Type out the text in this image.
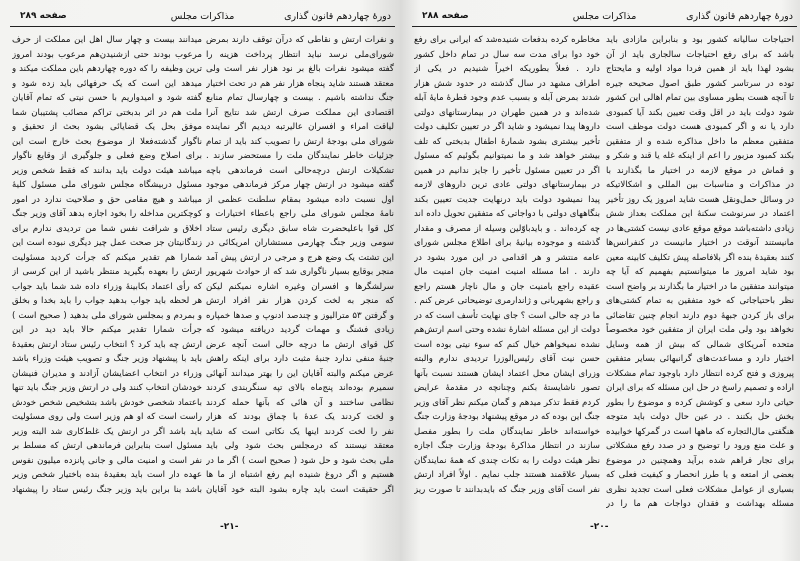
دورهٔ چهاردهم قانون گذاری
مذاکرات مجلس
صفحه ۲۸۹
و نفرات ارتش و نقاطی که درآن توقف دارند بمرض
شورای‌ملی نرسد نباید انتظار پرداخت هزینه را
گفته میشود نفرات بالغ بر نود هزار نفر است ولی
معتقد هستند شاید پنجاه هزار نفر هم در تحت اختیار
جنگ نداشته باشیم . بیست و چهارسال تمام منابع
اقتصادی این مملکت صرف ارتش شد نتایج آنرا
لیاقت امراء و افسران عالیرتبه دیدیم اگر نماینده
شورای ملی بودجهٔ ارتش را تصویب کند باید از تمام
جزئیات خاطر نمایندگان ملت را مستحضر سازند .
تشکیلات ارتش درچه‌حالی است فرماندهی باچه
گفته میشود در ارتش چهار مرکز فرماندهی موجود
اول نسبت داده میشود بمقام سلطنت عظمی از
نامهٔ مجلس شورای ملی راجع باعطاء اختیارات و
کل قوا باعلیحضرت شاه سابق دیگری رئیس ستاد
سومی وزیر جنگ چهارمی مستشاران امریکائی در
این تشتت یک وضع هرج و مرجی در ارتش پیش آمد
منجر بوقایع بسیار ناگواری شد که از حوادث شهریور
سرلشگرها و افسران وغیره اشاره نمیکنم لیکن
که منجر به لخت کردن هزار نفر افراد ارتش
و گرفتن ۵۳ مترالیوز و چندصد ادنوپ و صدها خمپاره
زیادی فشنگ و مهمات گردید دریافته میشود که
کل قوای ارتش ما درچه حالی است آنچه عرض
جنبهٔ منفی ندارد جنبهٔ مثبت دارد برای اینکه راهش
عرض میکنم والبته آقایان این را بهتر میدانند آنهائی
سمیرم بوده‌اند پنج‌ماه بالای تپه سنگربندی کردند
نظامی ساختند و آن هائی که بآنها حمله کردند
و لخت کردند یک عدهٔ با چماق بودند که هزار
نفر را لخت کردند اینها یک نکاتی است که شاید
معتقد نیستند که درمجلس بحث شود ولی باید
ملی بحث شود و حل شود ( صحیح است ) اگر ما در
هستیم و اگر دروغ شنیده ایم رفع اشتباه از ما ها
اگر حقیقت است باید چاره بشود البته خود آقایان
میدانند بیست و چهار سال اهل این مملکت از حرف
مرعوب بودند حتی ازشنیدن‌هم مرعوب بودند امروز
ترین وظیفه را که دوره چهاردهم باین مملکت میکند و
میدهد این است که یک حرفهائی باید زده شود و
گفته شود و امیدواریم با حسن نیتی که تمام آقایان
ملت هم در اثر بدبختی تراکم مصائب پشتیبان شما
موفق بحل یک قضایائی بشود بحث از تحقیق و
ناگوار گذشته‌فعلا از موضوع بحث خارج است این
برای اصلاح وضع فعلی و جلوگیری از وقایع ناگوار
میباشد هیئت دولت باید بدانند که فقط شخص وزیر
مسئول دربیشگاه مجلس شورای ملی مسئول کلیهٔ
میباشد و هیچ مقامی حق و صلاحیت ندارد در امور
کوچکترین مداخله را بخود اجازه بدهد آقای وزیر جنگ
اخلاق و شرافت نفس شما من تردیدی ندارم برای
زندگانیتان جز صحت عمل چیز دیگری نبوده است این
شمارا هم تقدیر میکنم که جرأت کردید مسئولیت
ارتش را بعهده بگیرید منتظر باشید از این کرسی از
که رأی اعتماد بکابینهٔ وزراء داده شد شما باید جواب
هر لحظه باید جواب بدهید جواب را باید بخدا و بخلق
و بمردم و بمجلس شورای ملی بدهید ( صحیح است )
جرأت شمارا تقدیر میکنم حالا باید دید در این
ارتش چه باید کرد ؟ انتخاب رئیس ستاد ارتش بعقیدهٔ
باید با پیشنهاد وزیر جنگ و تصویب هیئت وزراء باشد
وزراء در انتخاب اعضایشان آزادند و مدیران فنیشان
خودشان انتخاب کنند ولی در ارتش وزیر جنگ باید تنها
باعتماد شخصی خودش باشد بتشخیص شخص خودش
راست است که او هم وزیر است ولی روی مسئولیت
باید باشد اگر در ارتش یک غلط‌کاری شد البته وزیر
مسئول است بنابراین فرماندهی ارتش که مسلط بر
نفر است و امنیت مالی و جانی پانزده میلیون نفوس
عهده دار است باید بعقیدهٔ بنده باختیار شخص وزیر
باشد بنا براین باید وزیر جنگ رئیس ستاد را پیشنهاد
-۲۱-
دورهٔ چهاردهم قانون گذاری
مذاکرات مجلس
صفحه ۲۸۸
احتیاجات سالیانه کشور بود و بنابراین مازادی باید
باشد که برای رفع احتیاجات سالجاری باید از آن
بشود لهذا باید از همین فردا مواد اولیه و مایحتاج
توده در سرتاسر کشور طبق اصول صحیحه جیره
تا آنچه هست بطور مساوی بین تمام اهالی این کشور
شود دولت باید در اقل وقت تعیین بکند آیا کمبودی
دارد یا نه و اگر کمبودی هست دولت موظف است
متفقین معظم ما داخل مذاکره شده و از متفقین
بکند کمبود مزبور را اعم از اینکه غله یا قند و شکر و
و قماش در موقع لازمه در اختیار ما بگذارند با
در مذاکرات و مناسبات بین المللی و اشکالاتیکه
در وسائل حمل‌ونقل هست شاید امروز یک روز تأخیر
اعتماد در سرنوشت سکنهٔ این مملکت بعداز شش
زیادی داشته‌باشد موقع موقع عادی نیست کشتی‌ها در
مانیستند آنوقت در اختیار مانیست در کنفرانس‌ها
کنند بعقیدهٔ بنده اگر بلافاصله پیش تکلیف کابینه معین
بود شاید امروز ما میتوانستیم بفهمیم که آیا چه
میتوانند متفقین ما در اختیار ما بگذارند بر واضح است
نظر باحتیاجاتی که خود متفقین به تمام کشتی‌های
برای باز کردن جبههٔ دوم دارند انجام چنین تقاضائی
نخواهد بود ولی ملت ایران از متفقین خود مخصوصاً
متحده آمریکای شمالی که بیش از همه وسایل
اختیار دارد و مساعدت‌های گرانبهائی بسایر متفقین
پیروزی و فتح کرده انتظار دارد باوجود تمام مشکلات
اراده و تصمیم راسخ در حل این مسئله که برای ایران
حیاتی دارد سعی و کوشش کرده و موضوع را بطور
بخش حل بکنند . در عین حال دولت باید متوجه
هنگفتی مال‌التجاره که ماهها است در گمرکها خوابیده
و علت منع ورود را توضیح و در صدد رفع مشکلاتی
برای تجار فراهم شده برآید وهمچنین در موضوع
بعضی از امتعه و یا طرز انحصار و کیفیت فعلی که
بسیاری از عوامل مشکلات فعلی است تجدید نظری
مسئله بهداشت و فقدان دواجات هم ما را در
مخاطره کرده بدفعات شنیده‌شد که ایرانی برای رفع
خود دوا برای مدت سه سال در تمام داخل کشور
دارد . فعلاً بطوریکه اخیراً شنیدیم در یکی از
اطراف مشهد در سال گذشته در حدود شش هزار
شدند بمرض آبله و بسبب عدم وجود قطرهٔ مایهٔ آبله
شده‌اند و در همین طهران در بیمارستانهای دولتی
داروها پیدا نمیشود و شاید اگر در تعیین تکلیف دولت
تأخیر بیشتری بشود شمارهٔ اطفال بدبختی که تلف
بیشتر خواهد شد و ما نمیتوانیم بگوئیم که مسئول
اگر در تعیین مسئول تأخیر را جایز ندانیم در همین
در بیمارستانهای دولتی عادی ترین داروهای لازمه
پیدا نمیشود دولت باید درنهایت جدیت تعیین بکند
بنگاههای دولتی با دواجاتی که متفقین تحویل داده اند
چه کرده‌اند . و بایدباوّلین وسیله از مصرف و مقدار
گذشته و موجوده بیانیهٔ برای اطلاع مجلس شورای
عامه منتشر و هر اقدامی در این مورد بشود در
دارند . اما مسئله امنیت امنیت جان امنیت مال
عقیده راجع بامنیت جان و مال ناچار هستم راجع
و راجع بشهربانی و ژاندارمری توضیحاتی عرض کنم .
ما در چه حالی است ؟ جای نهایت تأسف است که در
دولت از این مسئله اشارهٔ نشده وحتی اسم ارتش‌هم
نشده نمیخواهم خیال کنم که سوء نیتی بوده است
حسن نیت آقای رئیس‌الوزرا تردیدی ندارم والبته
وزرای ایشان محل اعتماد ایشان هستند نسبت بآنها
تصور ناشایستهٔ بکنم وچنانچه در مقدمهٔ عرایض
کردم فقط تذکر میدهم و گمان میکنم نظر آقای وزیر
جنگ این بوده که در موقع پیشنهاد بودجهٔ وزارت جنگ
خواسته‌اند خاطر نمایندگان ملت را بطور مفصل
سازند در انتظار مذاکرهٔ بودجهٔ وزارت جنگ اجازه
نظر هیئت دولت را به نکات چندی که همهٔ نمایندگان
بسیار علاقمند هستند جلب نمایم . اولاً افراد ارتش
نفر است آقای وزیر جنگ که بایدبدانند تا صورت ریز
-۲۰-
